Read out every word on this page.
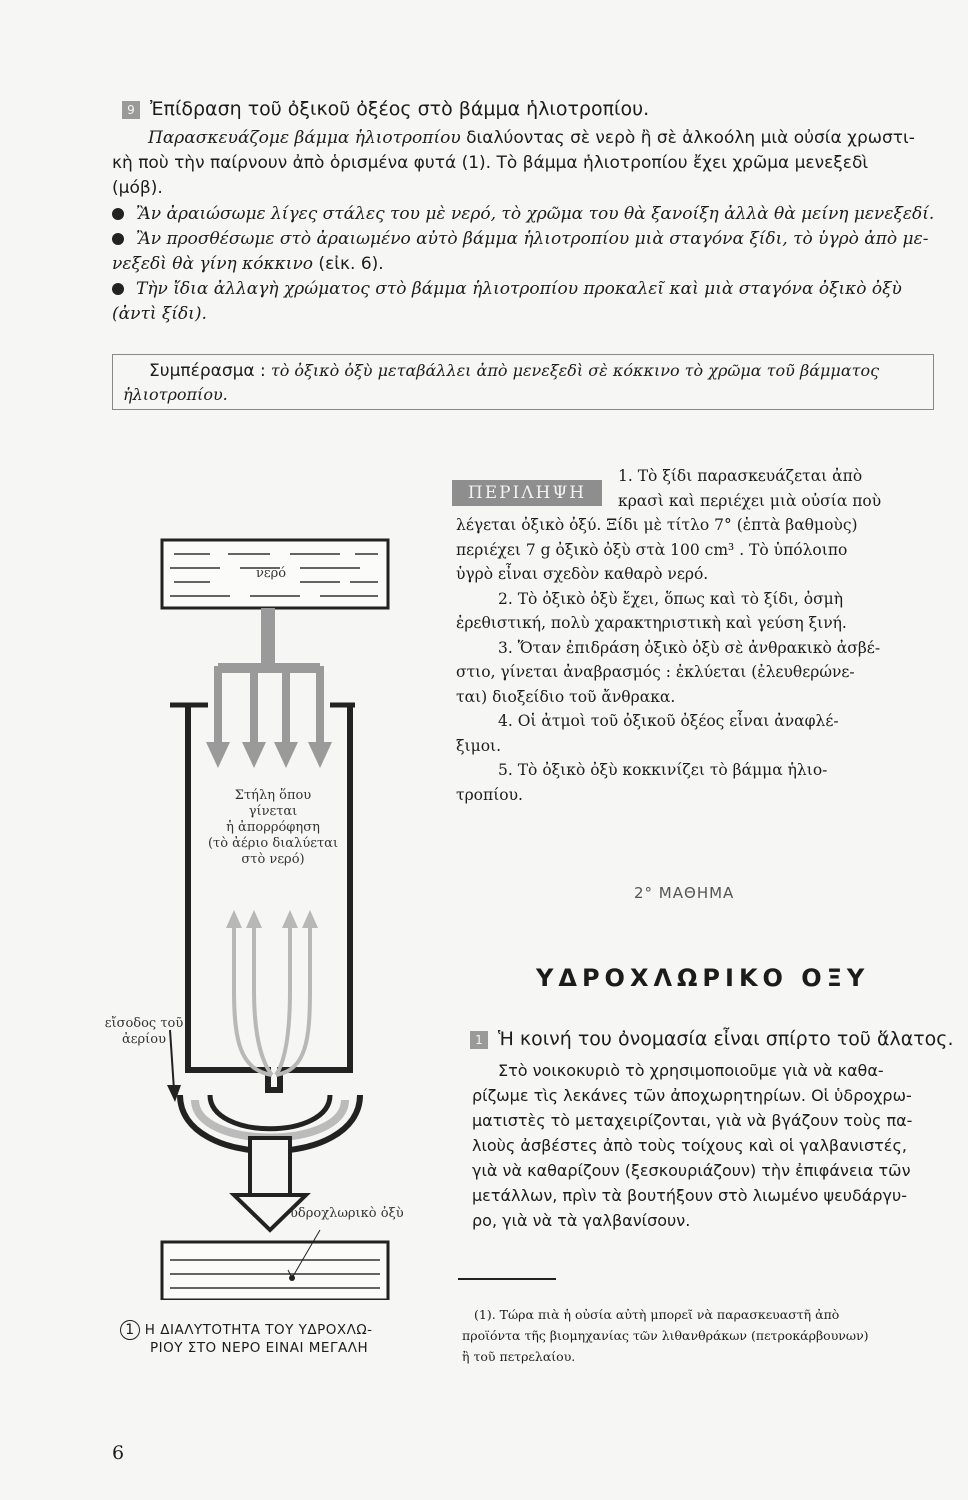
9 Ἐπίδραση τοῦ ὀξικοῦ ὀξέος στὸ βάμμα ἡλιοτροπίου.
Παρασκευάζομε βάμμα ἡλιοτροπίου διαλύοντας σὲ νερὸ ἢ σὲ ἀλκοόλη μιὰ οὐσία χρωστι-
κὴ ποὺ τὴν παίρνουν ἀπὸ ὁρισμένα φυτά (1). Τὸ βάμμα ἡλιοτροπίου ἔχει χρῶμα μενεξεδὶ
(μόβ).
Ἂν ἀραιώσωμε λίγες στάλες του μὲ νερό, τὸ χρῶμα του θὰ ξανοίξη ἀλλὰ θὰ μείνη μενεξεδί.
Ἂν προσθέσωμε στὸ ἀραιωμένο αὐτὸ βάμμα ἡλιοτροπίου μιὰ σταγόνα ξίδι, τὸ ὑγρὸ ἀπὸ με-
νεξεδὶ θὰ γίνη κόκκινο (εἰκ. 6).
Τὴν ἴδια ἀλλαγὴ χρώματος στὸ βάμμα ἡλιοτροπίου προκαλεῖ καὶ μιὰ σταγόνα ὀξικὸ ὀξὺ
(ἀντὶ ξίδι).
Συμπέρασμα : τὸ ὀξικὸ ὀξὺ μεταβάλλει ἀπὸ μενεξεδὶ σὲ κόκκινο τὸ χρῶμα τοῦ βάμματος
ἡλιοτροπίου.
ΠΕΡΙΛΗΨΗ

1. Τὸ ξίδι παρασκευάζεται ἀπὸ

κρασὶ καὶ περιέχει μιὰ οὐσία ποὺ

λέγεται ὀξικὸ ὀξύ. Ξίδι μὲ τίτλο 7° (ἑπτὰ βαθμοὺς)

περιέχει 7 g ὀξικὸ ὀξὺ στὰ 100 cm³ . Τὸ ὑπόλοιπο

ὑγρὸ εἶναι σχεδὸν καθαρὸ νερό.

2. Τὸ ὀξικὸ ὀξὺ ἔχει, ὅπως καὶ τὸ ξίδι, ὀσμὴ

ἐρεθιστική, πολὺ χαρακτηριστικὴ καὶ γεύση ξινή.

3. Ὅταν ἐπιδράση ὀξικὸ ὀξὺ σὲ ἀνθρακικὸ ἀσβέ-

στιο, γίνεται ἀναβρασμός : ἐκλύεται (ἐλευθερώνε-

ται) διοξείδιο τοῦ ἄνθρακα.

4. Οἱ ἀτμοὶ τοῦ ὀξικοῦ ὀξέος εἶναι ἀναφλέ-

ξιμοι.

5. Τὸ ὀξικὸ ὀξὺ κοκκινίζει τὸ βάμμα ἡλιο-

τροπίου.

2° ΜΑΘΗΜΑ
ΥΔΡΟΧΛΩΡΙΚΟ ΟΞΥ
1 Ἡ κοινή του ὀνομασία εἶναι σπίρτο τοῦ ἅλατος.
Στὸ νοικοκυριὸ τὸ χρησιμοποιοῦμε γιὰ νὰ καθα-
ρίζωμε τὶς λεκάνες τῶν ἀποχωρητηρίων. Οἱ ὑδροχρω-
ματιστὲς τὸ μεταχειρίζονται, γιὰ νὰ βγάζουν τοὺς πα-
λιοὺς ἀσβέστες ἀπὸ τοὺς τοίχους καὶ οἱ γαλβανιστές,
γιὰ νὰ καθαρίζουν (ξεσκουριάζουν) τὴν ἐπιφάνεια τῶν
μετάλλων, πρὶν τὰ βουτήξουν στὸ λιωμένο ψευδάργυ-
ρο, γιὰ νὰ τὰ γαλβανίσουν.
(1). Τώρα πιὰ ἡ οὐσία αὐτὴ μπορεῖ νὰ παρασκευαστῆ ἀπὸ
προϊόντα τῆς βιομηχανίας τῶν λιθανθράκων (πετροκάρβουνων)
ἢ τοῦ πετρελαίου.
νερό
Στήλη ὅπου
γίνεται
ἡ ἀπορρόφηση
(τὸ ἀέριο διαλύεται
στὸ νερό)
εἴσοδος τοῦ
ἀερίου
ὑδροχλωρικὸ ὀξὺ
1 Η ΔΙΑΛΥΤΟΤΗΤΑ ΤΟΥ ΥΔΡΟΧΛΩ-
ΡΙΟΥ ΣΤΟ ΝΕΡΟ ΕΙΝΑΙ ΜΕΓΑΛΗ
6
